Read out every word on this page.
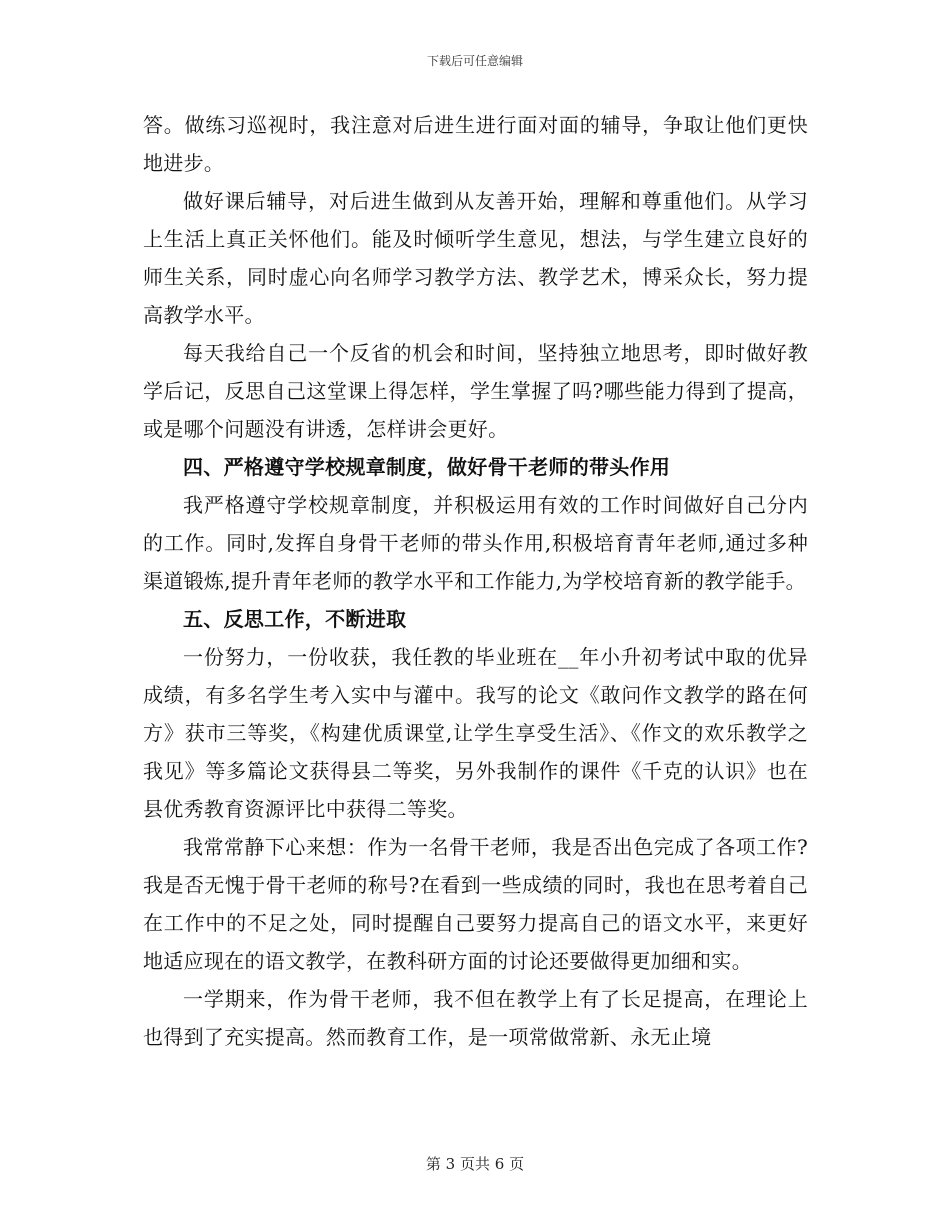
下载后可任意编辑

答。做练习巡视时，我注意对后进生进行面对面的辅导，争取让他们更快地进步。

做好课后辅导，对后进生做到从友善开始，理解和尊重他们。从学习上生活上真正关怀他们。能及时倾听学生意见，想法，与学生建立良好的师生关系，同时虚心向名师学习教学方法、教学艺术，博采众长，努力提高教学水平。

每天我给自己一个反省的机会和时间，坚持独立地思考，即时做好教学后记，反思自己这堂课上得怎样，学生掌握了吗?哪些能力得到了提高，或是哪个问题没有讲透，怎样讲会更好。

四、严格遵守学校规章制度，做好骨干老师的带头作用

我严格遵守学校规章制度，并积极运用有效的工作时间做好自己分内的工作。同时,发挥自身骨干老师的带头作用,积极培育青年老师,通过多种渠道锻炼,提升青年老师的教学水平和工作能力,为学校培育新的教学能手。

五、反思工作，不断进取

一份努力，一份收获，我任教的毕业班在__年小升初考试中取的优异成绩，有多名学生考入实中与灌中。我写的论文《敢问作文教学的路在何方》获市三等奖，《构建优质课堂,让学生享受生活》、《作文的欢乐教学之我见》等多篇论文获得县二等奖，另外我制作的课件《千克的认识》也在县优秀教育资源评比中获得二等奖。

我常常静下心来想：作为一名骨干老师，我是否出色完成了各项工作?我是否无愧于骨干老师的称号?在看到一些成绩的同时，我也在思考着自己在工作中的不足之处，同时提醒自己要努力提高自己的语文水平，来更好地适应现在的语文教学，在教科研方面的讨论还要做得更加细和实。

一学期来，作为骨干老师，我不但在教学上有了长足提高，在理论上也得到了充实提高。然而教育工作，是一项常做常新、永无止境

第 3 页共 6 页
